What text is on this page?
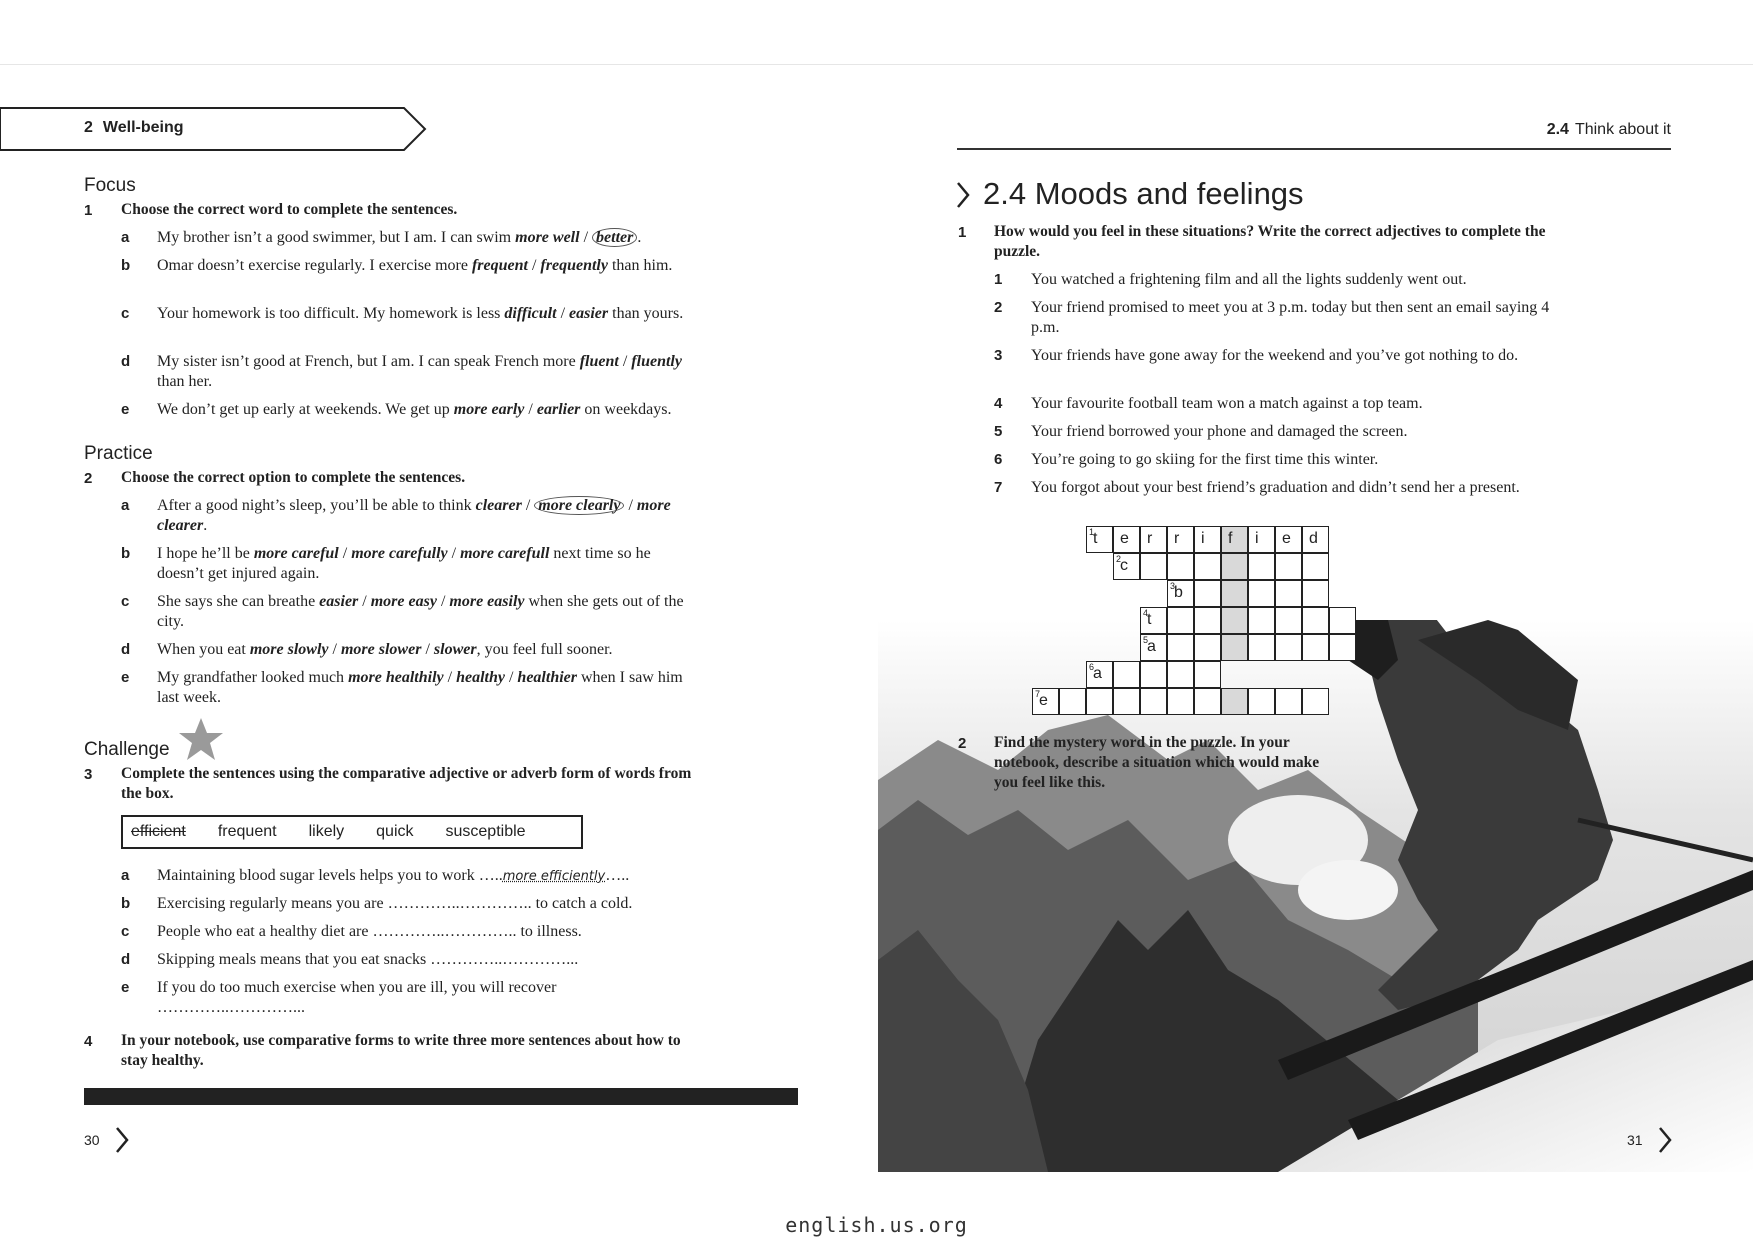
2 Well-being
Focus
1 Choose the correct word to complete the sentences.
a My brother isn’t a good swimmer, but I am. I can swim more well / better .
b Omar doesn’t exercise regularly. I exercise more frequent / frequently than him.
c Your homework is too difficult. My homework is less difficult / easier than yours.
d My sister isn’t good at French, but I am. I can speak French more fluent / fluently than her.
e We don’t get up early at weekends. We get up more early / earlier on weekdays.
Practice
2 Choose the correct option to complete the sentences.
a After a good night’s sleep, you’ll be able to think clearer / more clearly / more clearer.
b I hope he’ll be more careful / more carefully / more carefull next time so he doesn’t get injured again.
c She says she can breathe easier / more easy / more easily when she gets out of the city.
d When you eat more slowly / more slower / slower, you feel full sooner.
e My grandfather looked much more healthily / healthy / healthier when I saw him last week.
Challenge
3 Complete the sentences using the comparative adjective or adverb form of words from the box.
efficient frequent likely quick susceptible
a Maintaining blood sugar levels helps you to work …..more efficiently…..
b Exercising regularly means you are …………..………….. to catch a cold.
c People who eat a healthy diet are …………..………….. to illness.
d Skipping meals means that you eat snacks …………..…………...
e If you do too much exercise when you are ill, you will recover
…………..…………...
4 In your notebook, use comparative forms to write three more sentences about how to stay healthy.
30
2.4 Think about it
2.4 Moods and feelings
1 How would you feel in these situations? Write the correct adjectives to complete the puzzle.
1 You watched a frightening film and all the lights suddenly went out.
2 Your friend promised to meet you at 3 p.m. today but then sent an email saying 4 p.m.
3 Your friends have gone away for the weekend and you’ve got nothing to do.
4 Your favourite football team won a match against a top team.
5 Your friend borrowed your phone and damaged the screen.
6 You’re going to go skiing for the first time this winter.
7 You forgot about your best friend’s graduation and didn’t send her a present.
1
t e r r i f i e d
2
c
3
b
4
t
5
a
6
a
7
e
2 Find the mystery word in the puzzle. In your notebook, describe a situation which would make you feel like this.
31
english.us.org
